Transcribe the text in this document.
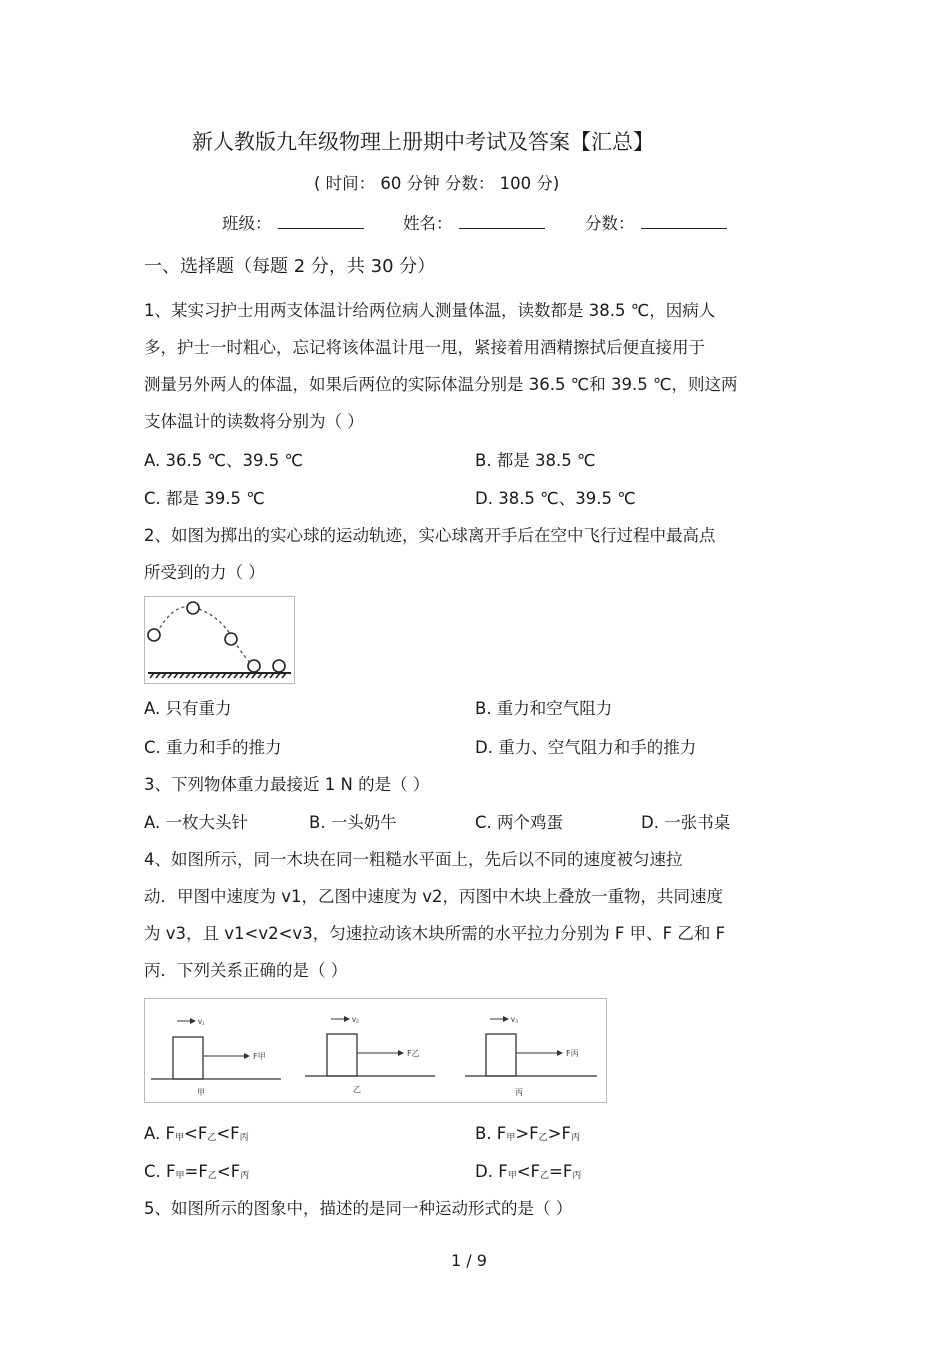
新人教版九年级物理上册期中考试及答案【汇总】
( 时间： 60 分钟 分数： 100 分)
班级：	姓名：	分数：
一、选择题（每题 2 分，共 30 分）
1、某实习护士用两支体温计给两位病人测量体温，读数都是 38.5 ℃，因病人
多，护士一时粗心，忘记将该体温计甩一甩，紧接着用酒精擦拭后便直接用于
测量另外两人的体温，如果后两位的实际体温分别是 36.5 ℃和 39.5 ℃，则这两
支体温计的读数将分别为（ ）
A. 36.5 ℃、39.5 ℃	B. 都是 38.5 ℃
C. 都是 39.5 ℃	D. 38.5 ℃、39.5 ℃
2、如图为掷出的实心球的运动轨迹，实心球离开手后在空中飞行过程中最高点
所受到的力（ ）
A. 只有重力	B. 重力和空气阻力
C. 重力和手的推力	D. 重力、空气阻力和手的推力
3、下列物体重力最接近 1 N 的是（ ）
A. 一枚大头针	B. 一头奶牛	C. 两个鸡蛋	D. 一张书桌
4、如图所示，同一木块在同一粗糙水平面上，先后以不同的速度被匀速拉
动．甲图中速度为 v1，乙图中速度为 v2，丙图中木块上叠放一重物，共同速度
为 v3，且 v1<v2<v3，匀速拉动该木块所需的水平拉力分别为 F 甲、F 乙和 F
丙．下列关系正确的是（ ）
v₁
F甲
甲
v₂
F乙
乙
v₃
F丙
丙
A. F甲<F乙<F丙	B. F甲>F乙>F丙
C. F甲=F乙<F丙	D. F甲<F乙=F丙
5、如图所示的图象中，描述的是同一种运动形式的是（ ）
1 / 9
